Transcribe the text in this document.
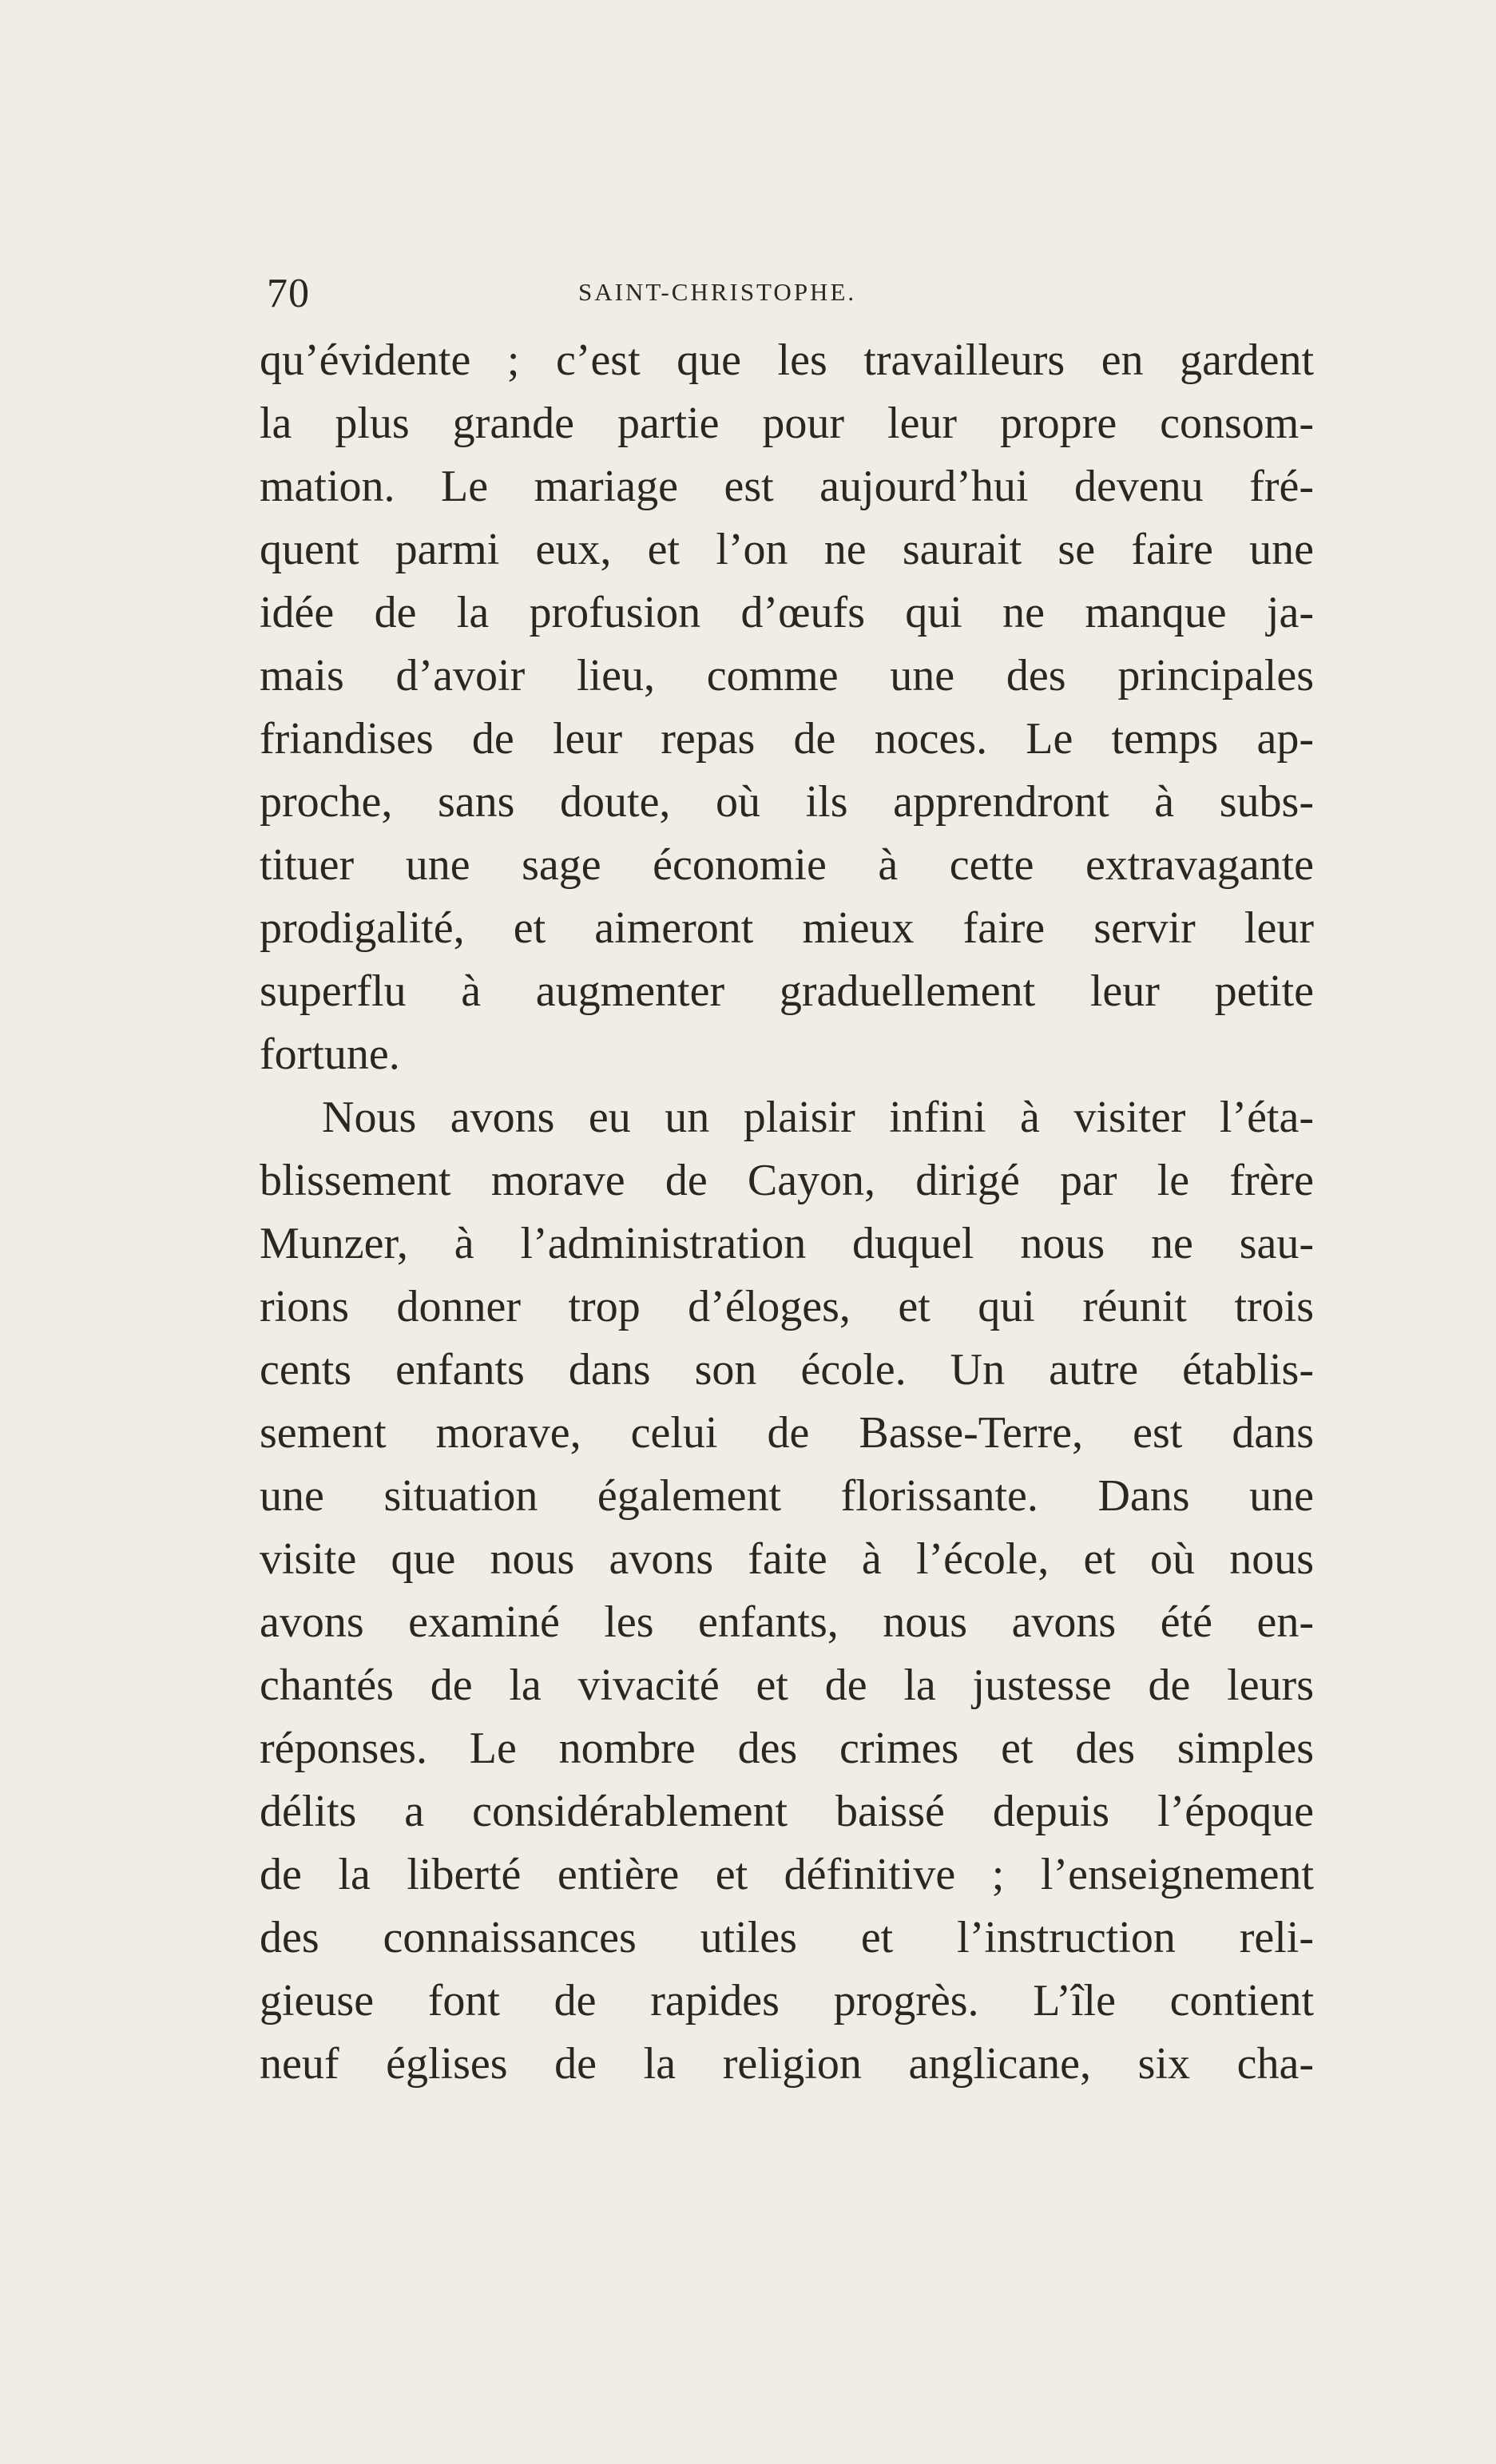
70	SAINT-CHRISTOPHE.
qu’évidente ; c’est que les travailleurs en gardent
la plus grande partie pour leur propre consom-
mation. Le mariage est aujourd’hui devenu fré-
quent parmi eux, et l’on ne saurait se faire une
idée de la profusion d’œufs qui ne manque ja-
mais d’avoir lieu, comme une des principales
friandises de leur repas de noces. Le temps ap-
proche, sans doute, où ils apprendront à subs-
tituer une sage économie à cette extravagante
prodigalité, et aimeront mieux faire servir leur
superflu à augmenter graduellement leur petite
fortune.
Nous avons eu un plaisir infini à visiter l’éta-
blissement morave de Cayon, dirigé par le frère
Munzer, à l’administration duquel nous ne sau-
rions donner trop d’éloges, et qui réunit trois
cents enfants dans son école. Un autre établis-
sement morave, celui de Basse-Terre, est dans
une situation également florissante. Dans une
visite que nous avons faite à l’école, et où nous
avons examiné les enfants, nous avons été en-
chantés de la vivacité et de la justesse de leurs
réponses. Le nombre des crimes et des simples
délits a considérablement baissé depuis l’époque
de la liberté entière et définitive ; l’enseignement
des connaissances utiles et l’instruction reli-
gieuse font de rapides progrès. L’île contient
neuf églises de la religion anglicane, six cha-
